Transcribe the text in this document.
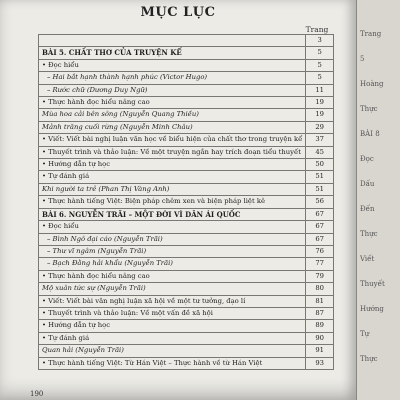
MỤC LỤC
Trang
	3
BÀI 5. CHẤT THƠ CỦA TRUYỆN KỂ	5
• Đọc hiểu	5
– Hai bắt hạnh thành hạnh phúc (Victor Hugo)	5
– Rước chữ (Dương Duy Ngữ)	11
• Thực hành đọc hiểu nâng cao	19
Mùa hoa cải bên sông (Nguyễn Quang Thiều)	19
Mảnh trăng cuối rừng (Nguyễn Minh Châu)	29
• Viết: Viết bài nghị luận văn học về biểu hiện của chất thơ trong truyện kể	37
• Thuyết trình và thảo luận: Về một truyện ngắn hay trích đoạn tiểu thuyết	45
• Hướng dẫn tự học	50
• Tự đánh giá	51
Khi người ta trẻ (Phan Thị Vàng Anh)	51
• Thực hành tiếng Việt: Biện pháp chêm xen và biện pháp liệt kê	56
BÀI 6. NGUYỄN TRÃI – MỘT ĐỜI VÌ DÂN ÁI QUỐC	67
• Đọc hiểu	67
– Bình Ngô đại cáo (Nguyễn Trãi)	67
– Thư vĩ ngâm (Nguyễn Trãi)	76
– Bạch Đằng hải khẩu (Nguyễn Trãi)	77
• Thực hành đọc hiểu nâng cao	79
Mộ xuân tức sự (Nguyễn Trãi)	80
• Viết: Viết bài văn nghị luận xã hội về một tư tưởng, đạo lí	81
• Thuyết trình và thảo luận: Về một vấn đề xã hội	87
• Hướng dẫn tự học	89
• Tự đánh giá	90
Quan hải (Nguyễn Trãi)	91
• Thực hành tiếng Việt: Từ Hán Việt – Thực hành về từ Hán Việt	93
190
Trang
5
Hoàng
Thực
BÀI 8
Đọc
Dấu
Đến
Thực
Viết
Thuyết
Hướng
Tự
Thực
